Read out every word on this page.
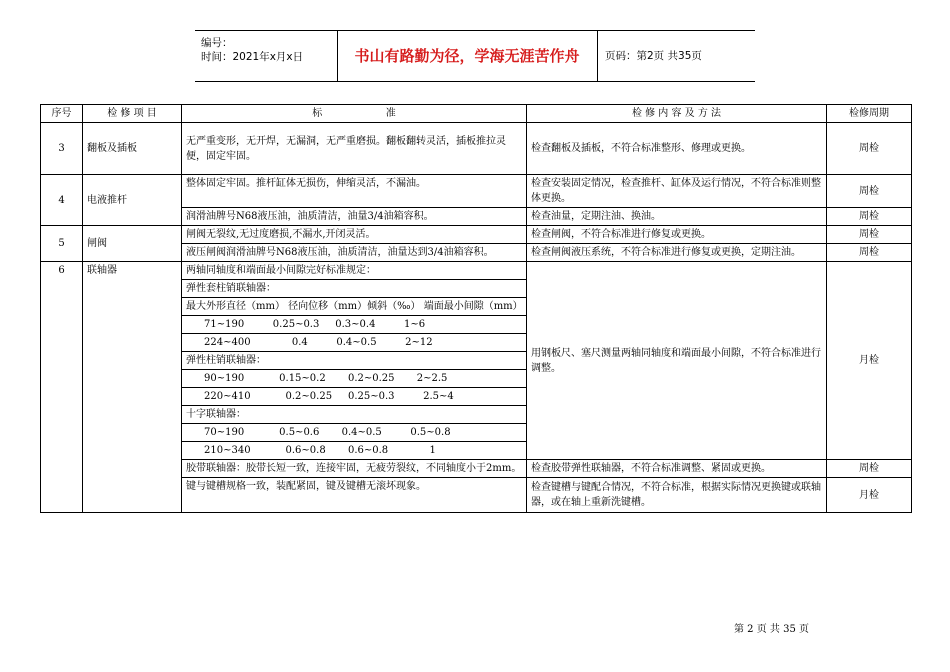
编号：
时间：2021年x月x日	书山有路勤为径，学海无涯苦作舟	页码：第2页 共35页
序号	检 修 项 目	标                    准	检 修 内 容 及 方 法	检修周期
3	翻板及插板	无严重变形，无开焊，无漏洞，无严重磨损。翻板翻转灵活，插板推拉灵便，固定牢固。	检查翻板及插板，不符合标准整形、修理或更换。	周检
4	电液推杆	整体固定牢固。推杆缸体无损伤，伸缩灵活，不漏油。	检查安装固定情况，检查推杆、缸体及运行情况，不符合标准则整体更换。	周检
		润滑油牌号N68液压油，油质清洁，油量3/4油箱容积。	检查油量，定期注油、换油。	周检
5	闸阀	闸阀无裂纹,无过度磨损,不漏水,开闭灵活。	检查闸阀，不符合标准进行修复或更换。	周检
		液压闸阀润滑油牌号N68液压油，油质清洁，油量达到3/4油箱容积。	检查闸阀液压系统，不符合标准进行修复或更换，定期注油。	周检
6	联轴器	两轴同轴度和端面最小间隙完好标准规定：	用钢板尺、塞尺测量两轴同轴度和端面最小间隙，不符合标准进行调整。	月检
		弹性套柱销联轴器：		
		最大外形直径（mm） 径向位移（mm）倾斜（‰） 端面最小间隙（mm）		
		71~190         0.25~0.3     0.3~0.4         1~6		
		224~400             0.4         0.4~0.5         2~12		
		弹性柱销联轴器：		
		90~190           0.15~0.2       0.2~0.25       2~2.5		
		220~410           0.2~0.25     0.25~0.3         2.5~4		
		十字联轴器：		
		70~190           0.5~0.6       0.4~0.5         0.5~0.8		
		210~340           0.6~0.8       0.6~0.8             1		
		胶带联轴器：胶带长短一致，连接牢固，无疲劳裂纹，不同轴度小于2mm。	检查胶带弹性联轴器，不符合标准调整、紧固或更换。	周检
		键与键槽规格一致，装配紧固，键及键槽无滚坏现象。	检查键槽与键配合情况，不符合标准，根据实际情况更换键或联轴器，或在轴上重新洗键槽。	月检
第 2 页 共 35 页
